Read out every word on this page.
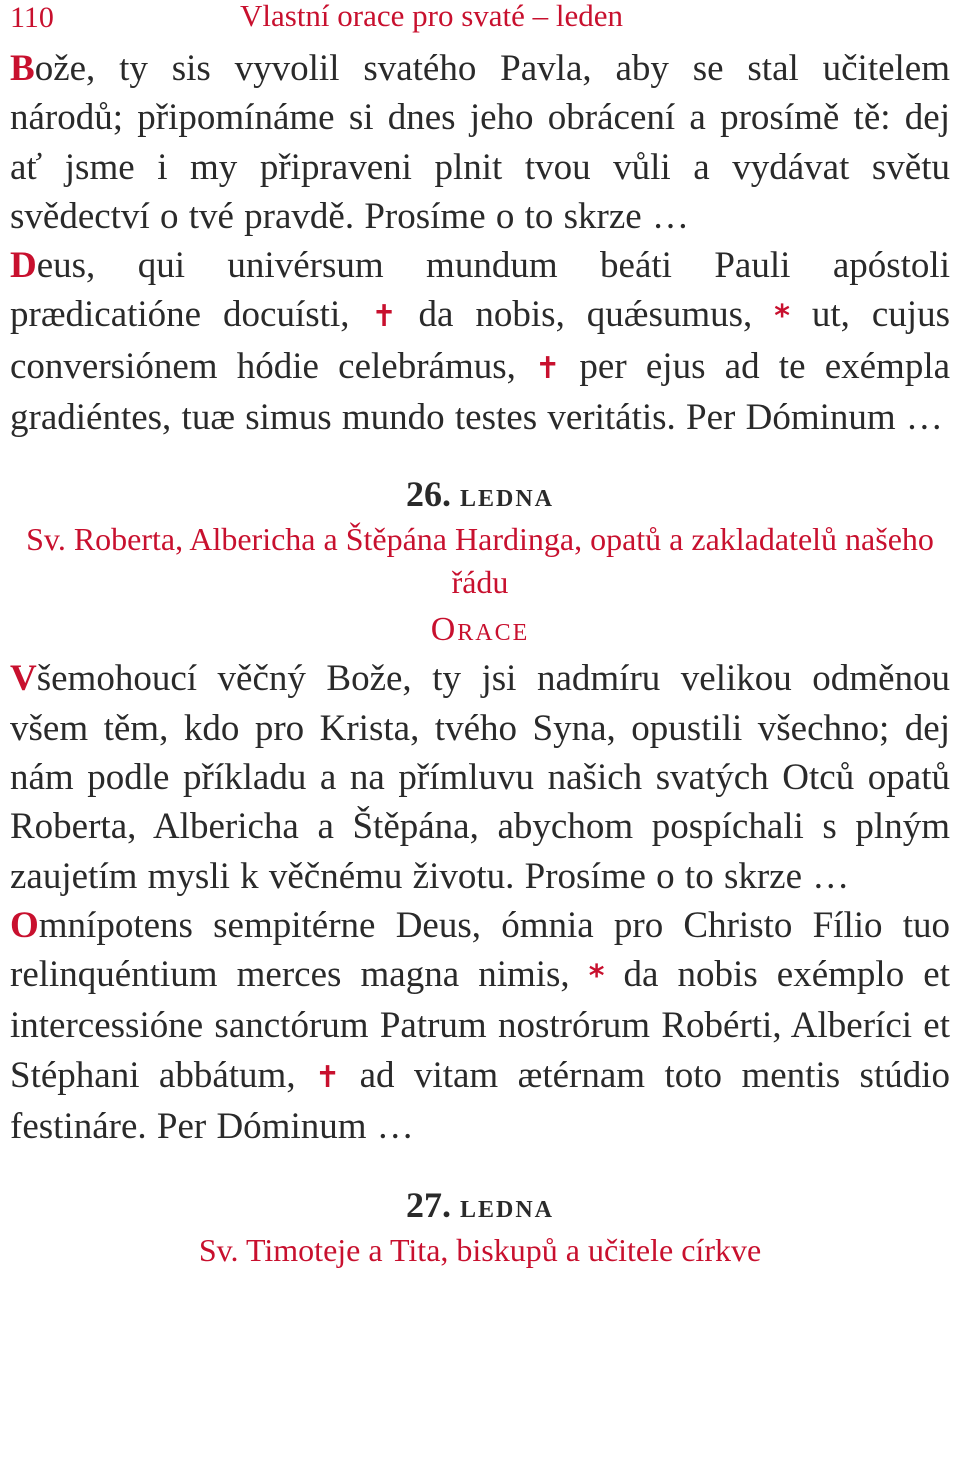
110	Vlastní orace pro svaté – leden

Bože, ty sis vyvolil svatého Pavla, aby se stal učitelem národů; připomínáme si dnes jeho obrácení a prosímě tě: dej ať jsme i my připraveni plnit tvou vůli a vydávat světu svědectví o tvé pravdě. Prosíme o to skrze …

Deus, qui univérsum mundum beáti Pauli apóstoli prædicatióne docuísti, ✝ da nobis, quǽsumus, * ut, cujus conversiónem hódie celebrámus, ✝ per ejus ad te exémpla gradiéntes, tuæ simus mundo testes veritátis. Per Dóminum …

26. ledna

Sv. Roberta, Albericha a Štěpána Hardinga, opatů a zakladatelů našeho řádu

Orace

Všemohoucí věčný Bože, ty jsi nadmíru velikou odměnou všem těm, kdo pro Krista, tvého Syna, opustili všechno; dej nám podle příkladu a na přímluvu našich svatých Otců opatů Roberta, Albericha a Štěpána, abychom pospíchali s plným zaujetím mysli k věčnému životu. Prosíme o to skrze …

Omnípotens sempitérne Deus, ómnia pro Christo Fílio tuo relinquéntium merces magna nimis, * da nobis exémplo et intercessióne sanctórum Patrum nostrórum Robérti, Alberíci et Stéphani abbátum, ✝ ad vitam ætérnam toto mentis stúdio festináre. Per Dóminum …

27. ledna

Sv. Timoteje a Tita, biskupů a učitele církve
